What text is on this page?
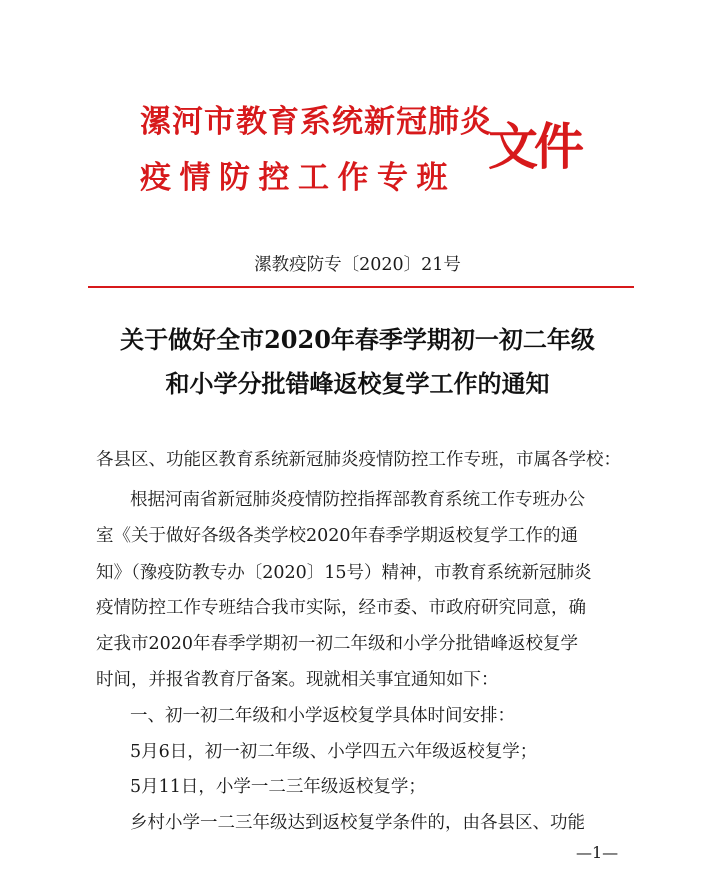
漯河市教育系统新冠肺炎
疫情防控工作专班
文件
漯教疫防专〔2020〕21号
关于做好全市2020年春季学期初一初二年级
和小学分批错峰返校复学工作的通知
各县区、功能区教育系统新冠肺炎疫情防控工作专班，市属各学校：
根据河南省新冠肺炎疫情防控指挥部教育系统工作专班办公
室《关于做好各级各类学校2020年春季学期返校复学工作的通
知》（豫疫防教专办〔2020〕15号）精神，市教育系统新冠肺炎
疫情防控工作专班结合我市实际，经市委、市政府研究同意，确
定我市2020年春季学期初一初二年级和小学分批错峰返校复学
时间，并报省教育厅备案。现就相关事宜通知如下：
一、初一初二年级和小学返校复学具体时间安排：
5月6日，初一初二年级、小学四五六年级返校复学；
5月11日，小学一二三年级返校复学；
乡村小学一二三年级达到返校复学条件的，由各县区、功能
—1—
